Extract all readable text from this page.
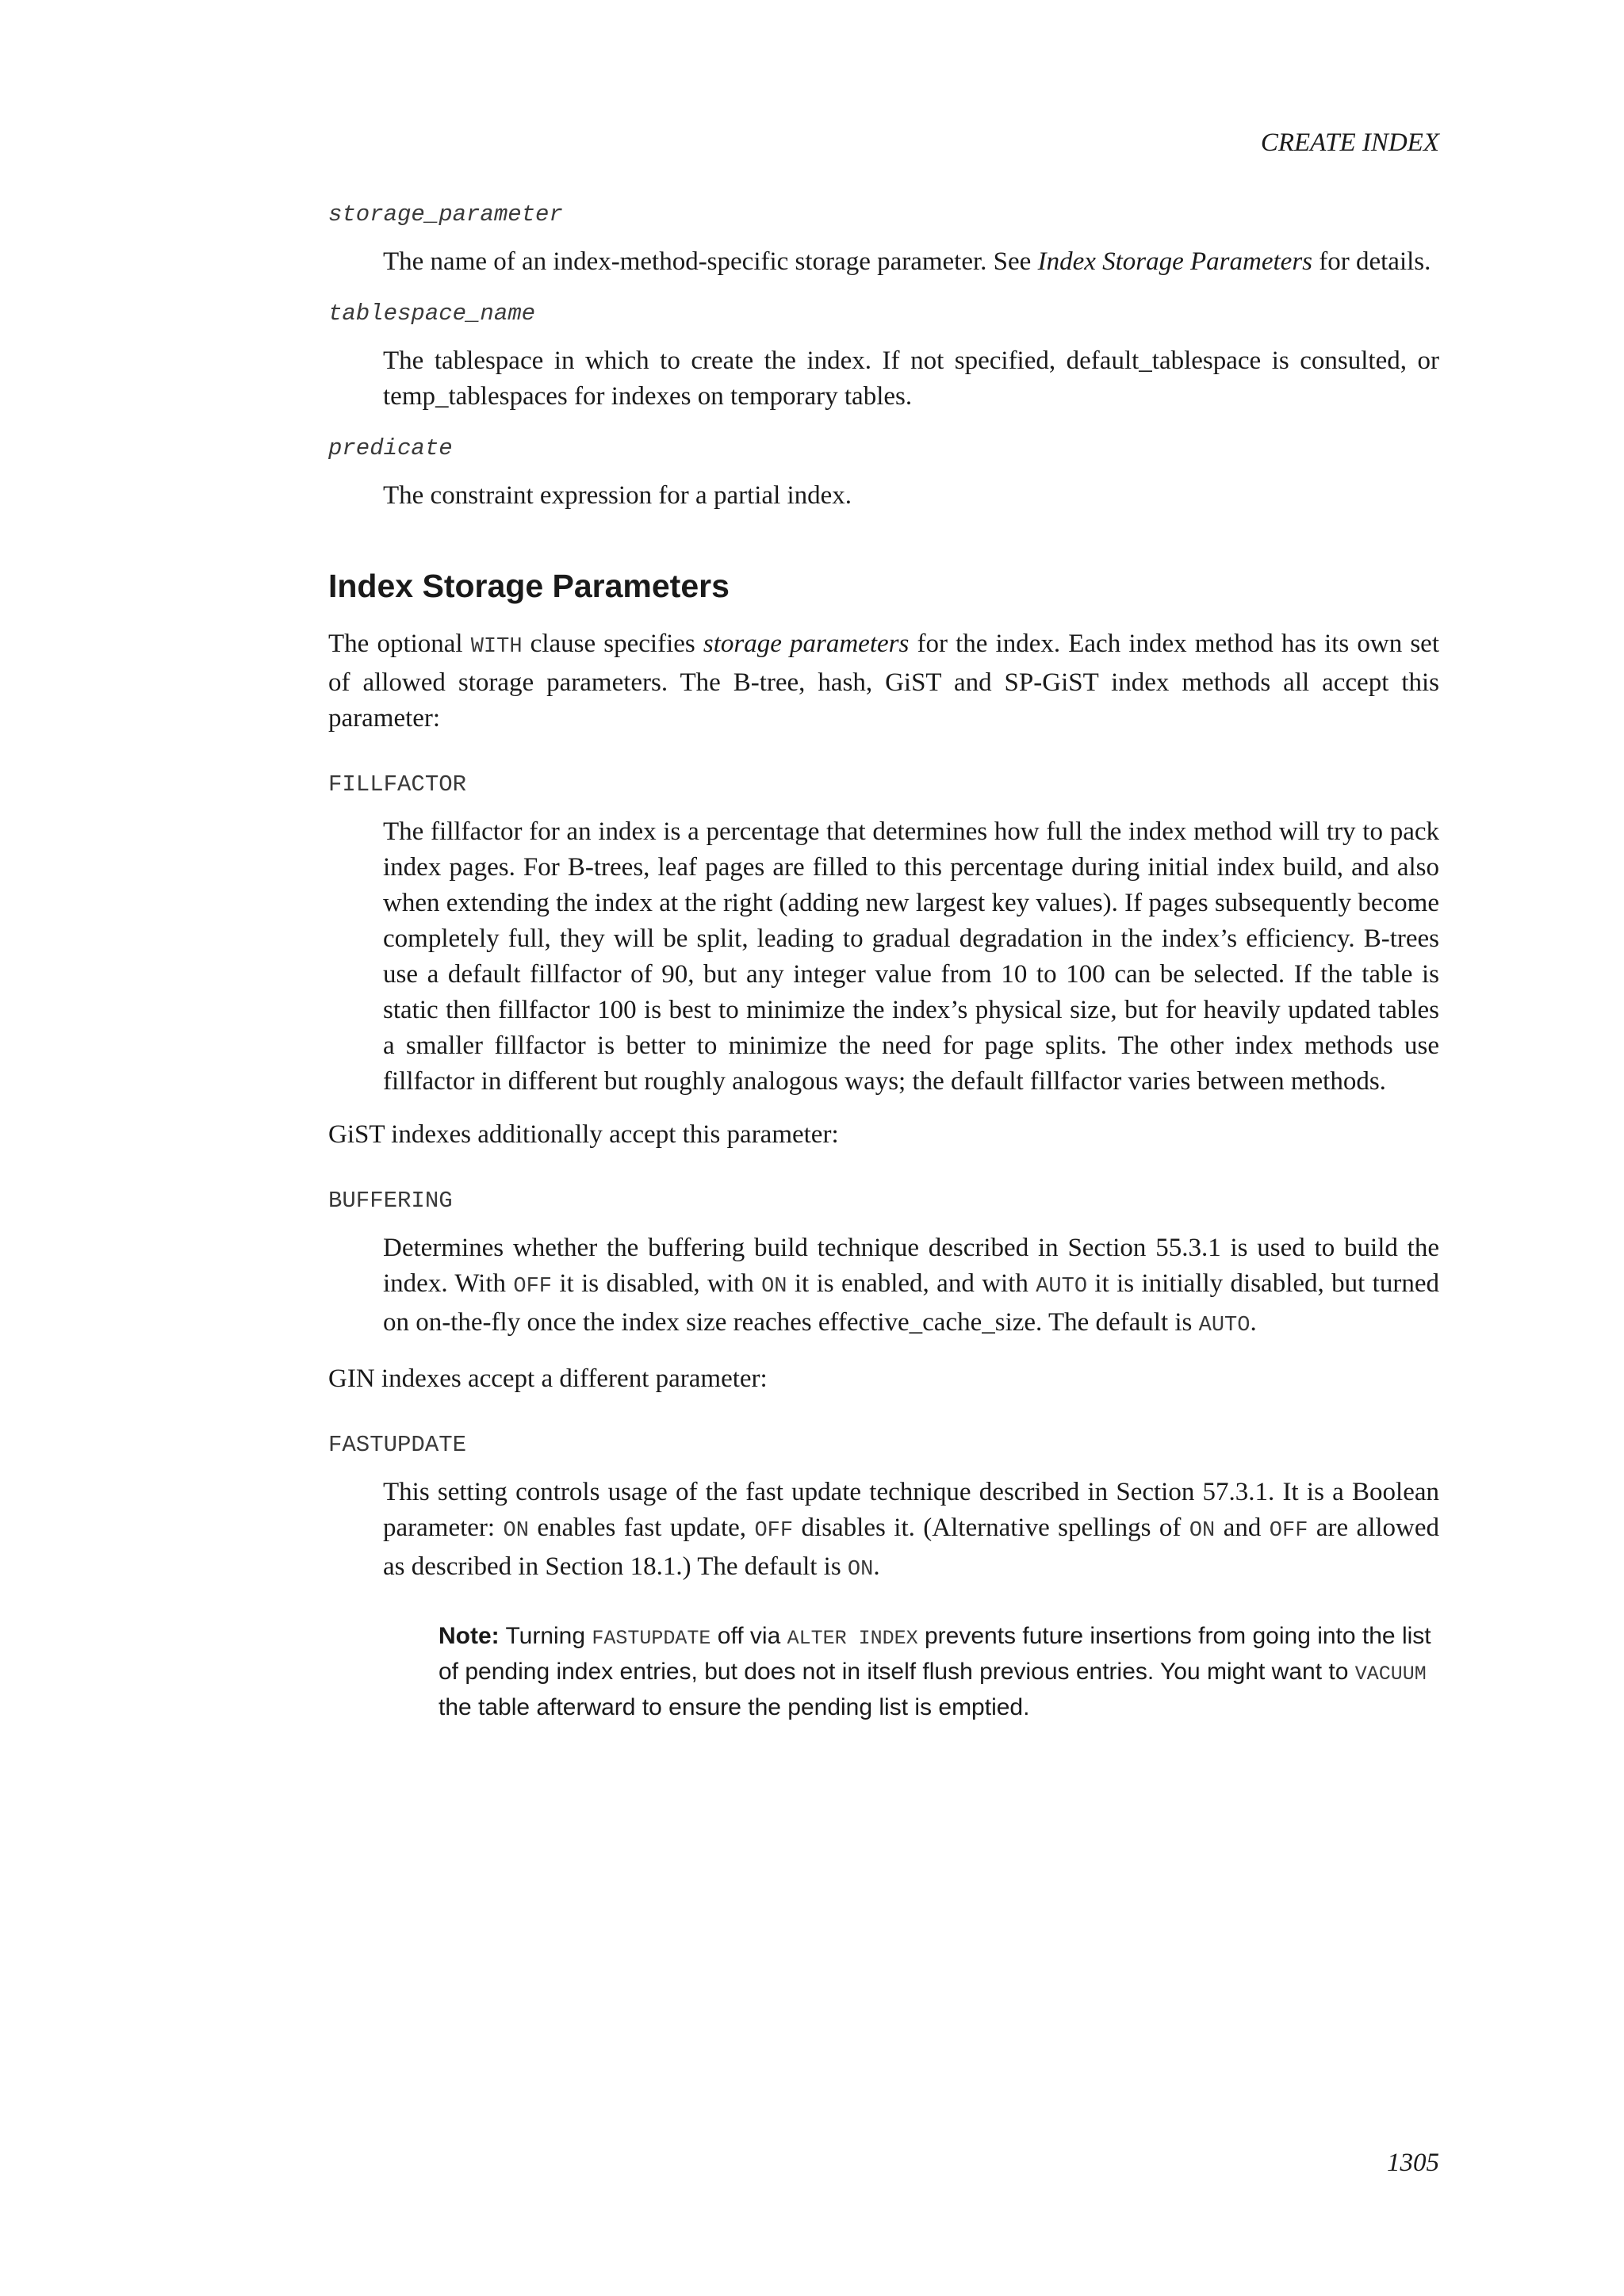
CREATE INDEX

storage_parameter

The name of an index-method-specific storage parameter. See Index Storage Parameters for details.

tablespace_name

The tablespace in which to create the index. If not specified, default_tablespace is consulted, or temp_tablespaces for indexes on temporary tables.

predicate

The constraint expression for a partial index.

Index Storage Parameters

The optional WITH clause specifies storage parameters for the index. Each index method has its own set of allowed storage parameters. The B-tree, hash, GiST and SP-GiST index methods all accept this parameter:

FILLFACTOR

The fillfactor for an index is a percentage that determines how full the index method will try to pack index pages. For B-trees, leaf pages are filled to this percentage during initial index build, and also when extending the index at the right (adding new largest key values). If pages subsequently become completely full, they will be split, leading to gradual degradation in the index’s efficiency. B-trees use a default fillfactor of 90, but any integer value from 10 to 100 can be selected. If the table is static then fillfactor 100 is best to minimize the index’s physical size, but for heavily updated tables a smaller fillfactor is better to minimize the need for page splits. The other index methods use fillfactor in different but roughly analogous ways; the default fillfactor varies between methods.

GiST indexes additionally accept this parameter:

BUFFERING

Determines whether the buffering build technique described in Section 55.3.1 is used to build the index. With OFF it is disabled, with ON it is enabled, and with AUTO it is initially disabled, but turned on on-the-fly once the index size reaches effective_cache_size. The default is AUTO.

GIN indexes accept a different parameter:

FASTUPDATE

This setting controls usage of the fast update technique described in Section 57.3.1. It is a Boolean parameter: ON enables fast update, OFF disables it. (Alternative spellings of ON and OFF are allowed as described in Section 18.1.) The default is ON.

Note: Turning FASTUPDATE off via ALTER INDEX prevents future insertions from going into the list of pending index entries, but does not in itself flush previous entries. You might want to VACUUM the table afterward to ensure the pending list is emptied.

1305
